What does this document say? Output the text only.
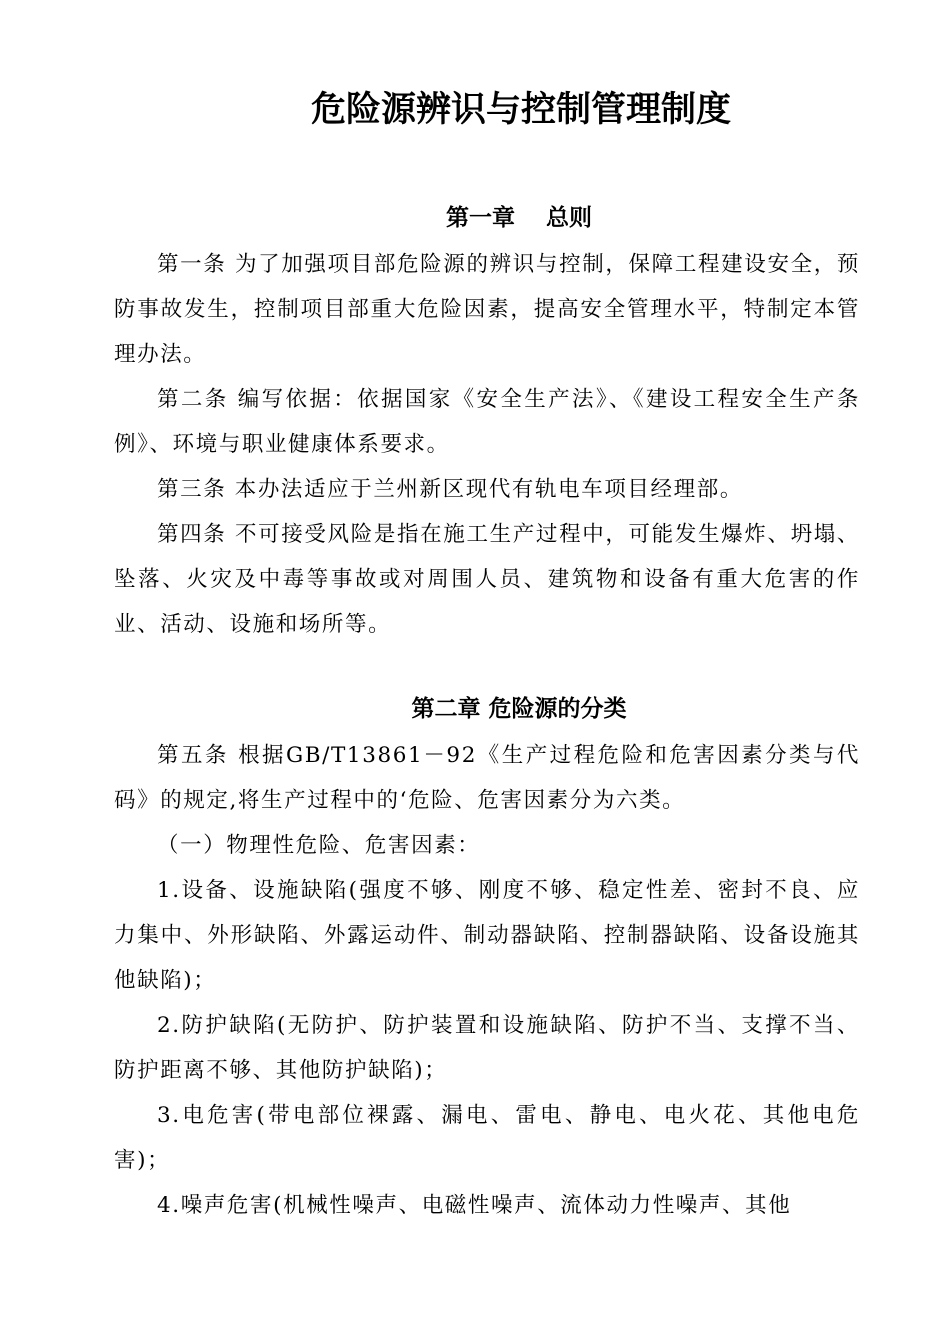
危险源辨识与控制管理制度
第一章　 总则

第一条 为了加强项目部危险源的辨识与控制，保障工程建设安全，预防事故发生，控制项目部重大危险因素，提高安全管理水平，特制定本管理办法。

第二条 编写依据：依据国家《安全生产法》、《建设工程安全生产条例》、环境与职业健康体系要求。

第三条 本办法适应于兰州新区现代有轨电车项目经理部。

第四条 不可接受风险是指在施工生产过程中，可能发生爆炸、坍塌、坠落、火灾及中毒等事故或对周围人员、建筑物和设备有重大危害的作业、活动、设施和场所等。

第二章 危险源的分类

第五条 根据GB/T13861－92《生产过程危险和危害因素分类与代码》的规定,将生产过程中的‘危险、危害因素分为六类。

（一）物理性危险、危害因素：

1.设备、设施缺陷(强度不够、刚度不够、稳定性差、密封不良、应力集中、外形缺陷、外露运动件、制动器缺陷、控制器缺陷、设备设施其他缺陷)；

2.防护缺陷(无防护、防护装置和设施缺陷、防护不当、支撑不当、防护距离不够、其他防护缺陷)；

3.电危害(带电部位裸露、漏电、雷电、静电、电火花、其他电危害)；

4.噪声危害(机械性噪声、电磁性噪声、流体动力性噪声、其他
